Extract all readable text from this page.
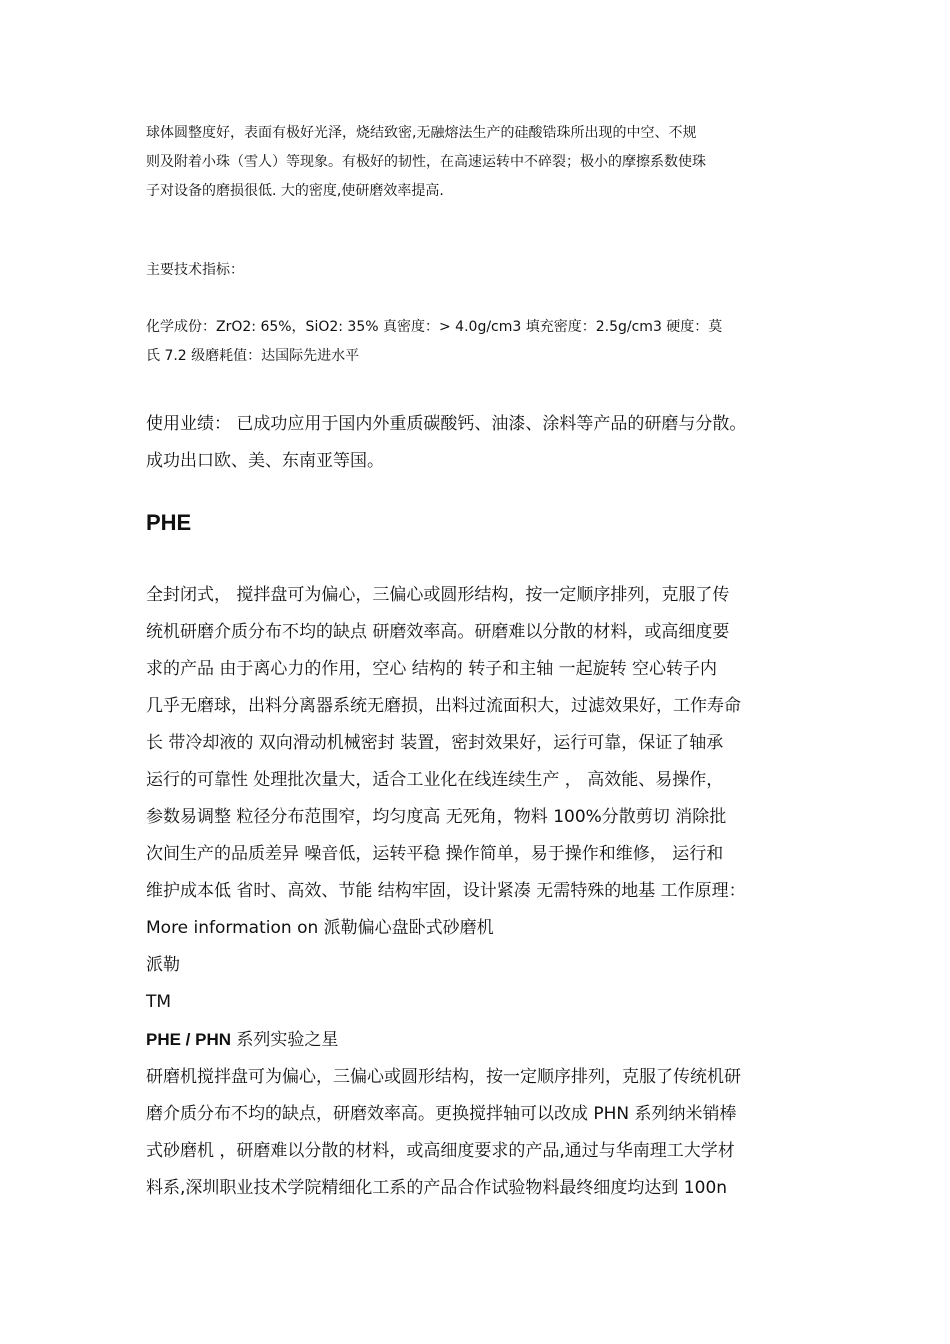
球体圆整度好，表面有极好光泽，烧结致密,无融熔法生产的硅酸锆珠所出现的中空、不规
则及附着小珠（雪人）等现象。有极好的韧性，在高速运转中不碎裂；极小的摩擦系数使珠
子对设备的磨损很低. 大的密度,使研磨效率提高.
主要技术指标：
化学成份：ZrO2: 65%，SiO2: 35% 真密度：> 4.0g/cm3 填充密度：2.5g/cm3 硬度：莫
氏 7.2 级磨耗值：达国际先进水平
使用业绩： 已成功应用于国内外重质碳酸钙、油漆、涂料等产品的研磨与分散。
成功出口欧、美、东南亚等国。
PHE
全封闭式， 搅拌盘可为偏心，三偏心或圆形结构，按一定顺序排列，克服了传
统机研磨介质分布不均的缺点 研磨效率高。研磨难以分散的材料，或高细度要
求的产品 由于离心力的作用，空心 结构的 转子和主轴 一起旋转 空心转子内
几乎无磨球，出料分离器系统无磨损，出料过流面积大，过滤效果好，工作寿命
长 带冷却液的 双向滑动机械密封 装置，密封效果好，运行可靠，保证了轴承
运行的可靠性 处理批次量大，适合工业化在线连续生产 ， 高效能、易操作，
参数易调整 粒径分布范围窄，均匀度高 无死角，物料 100%分散剪切 消除批
次间生产的品质差异 噪音低，运转平稳 操作简单，易于操作和维修， 运行和
维护成本低 省时、高效、节能 结构牢固，设计紧凑 无需特殊的地基 工作原理：
More information on 派勒偏心盘卧式砂磨机
派勒
TM
PHE / PHN 系列实验之星
研磨机搅拌盘可为偏心，三偏心或圆形结构，按一定顺序排列，克服了传统机研
磨介质分布不均的缺点，研磨效率高。更换搅拌轴可以改成 PHN 系列纳米销棒
式砂磨机 ，研磨难以分散的材料，或高细度要求的产品,通过与华南理工大学材
料系,深圳职业技术学院精细化工系的产品合作试验物料最终细度均达到 100n
